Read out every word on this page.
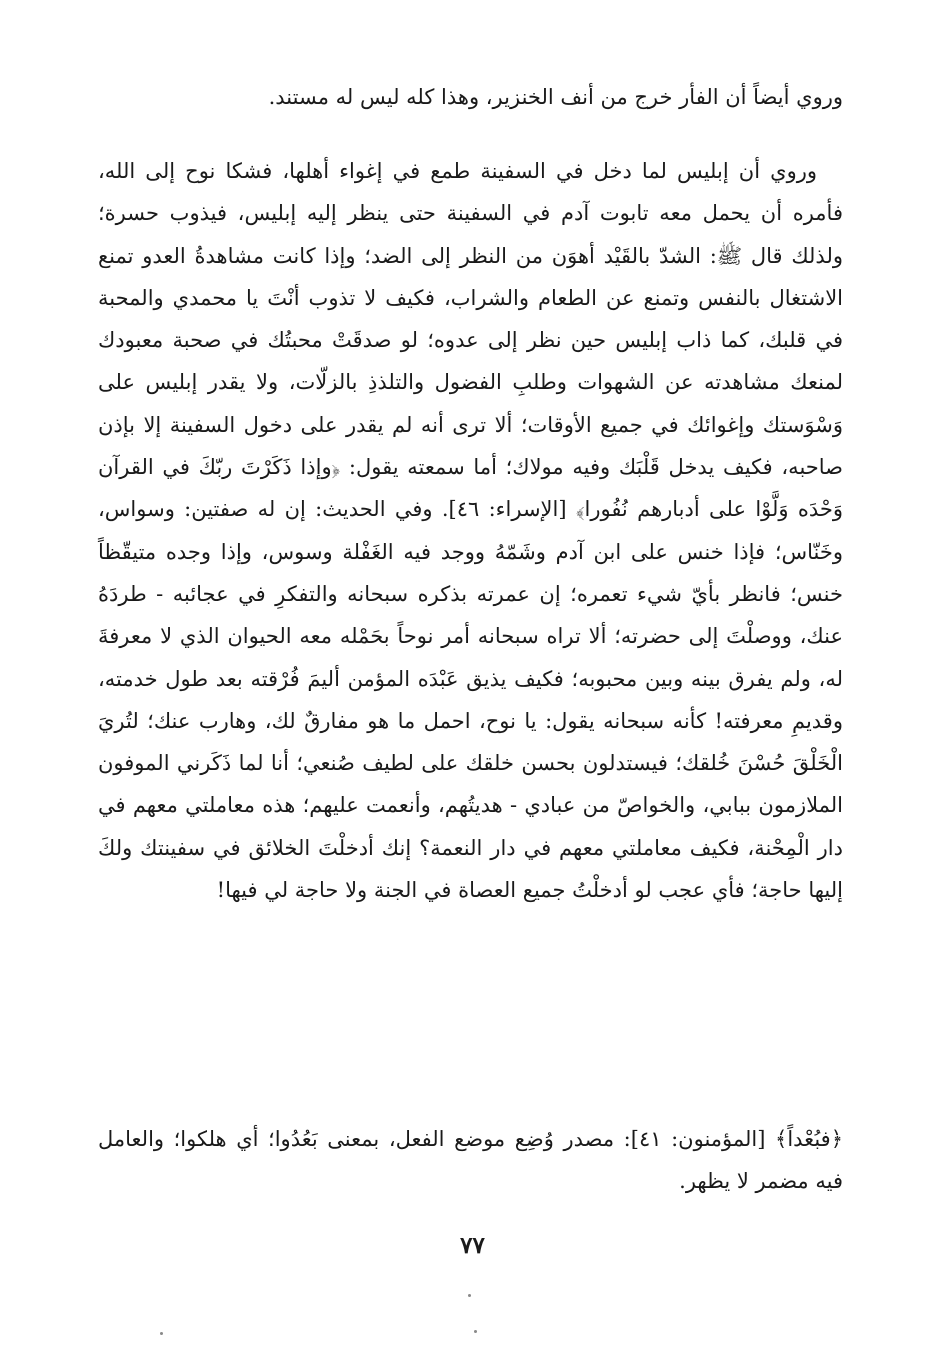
وروي أيضاً أن الفأر خرج من أنف الخنزير، وهذا كله ليس له مستند.

وروي أن إبليس لما دخل في السفينة طمع في إغواء أهلها، فشكا نوح إلى الله، فأمره أن يحمل معه تابوت آدم في السفينة حتى ينظر إليه إبليس، فيذوب حسرة؛ ولذلك قال ﷺ: الشدّ بالقَيْد أهوَن من النظر إلى الضد؛ وإذا كانت مشاهدةُ العدو تمنع الاشتغال بالنفس وتمنع عن الطعام والشراب، فكيف لا تذوب أنْتَ يا محمدي والمحبة في قلبك، كما ذاب إبليس حين نظر إلى عدوه؛ لو صدقَتْ محبتُك في صحبة معبودك لمنعك مشاهدته عن الشهوات وطلبِ الفضول والتلذذِ بالزلّات، ولا يقدر إبليس على وَسْوَستك وإغوائك في جميع الأوقات؛ ألا ترى أنه لم يقدر على دخول السفينة إلا بإذن صاحبه، فكيف يدخل قَلْبَك وفيه مولاك؛ أما سمعته يقول: ﴿وإذا ذَكَرْتَ ربّكَ في القرآن وَحْدَه وَلَّوْا على أدبارهم نُفُورا﴾ [الإسراء: ٤٦]. وفي الحديث: إن له صفتين: وسواس، وخَنّاس؛ فإذا خنس على ابن آدم وشَمّهُ ووجد فيه الغَفْلة وسوس، وإذا وجده متيقّظاً خنس؛ فانظر بأيّ شيء تعمره؛ إن عمرته بذكره سبحانه والتفكرِ في عجائبه - طردَهُ عنك، ووصلْتَ إلى حضرته؛ ألا تراه سبحانه أمر نوحاً بحَمْله معه الحيوان الذي لا معرفةَ له، ولم يفرق بينه وبين محبوبه؛ فكيف يذيق عَبْدَه المؤمن أليمَ فُرْقته بعد طول خدمته، وقديمِ معرفته! كأنه سبحانه يقول: يا نوح، احمل ما هو مفارقٌ لك، وهارب عنك؛ لتُريَ الْخَلْقَ حُسْنَ خُلقك؛ فيستدلون بحسن خلقك على لطيف صُنعي؛ أنا لما ذَكَرني الموفون الملازمون ببابي، والخواصّ من عبادي - هديتُهم، وأنعمت عليهم؛ هذه معاملتي معهم في دار الْمِحْنة، فكيف معاملتي معهم في دار النعمة؟ إنك أدخلْتَ الخلائق في سفينتك ولكَ إليها حاجة؛ فأي عجب لو أدخلْتُ جميع العصاة في الجنة ولا حاجة لي فيها!

﴿فبُعْداً﴾ [المؤمنون: ٤١]: مصدر وُضِع موضع الفعل، بمعنى بَعُدُوا؛ أي هلكوا؛ والعامل فيه مضمر لا يظهر.

٧٧
